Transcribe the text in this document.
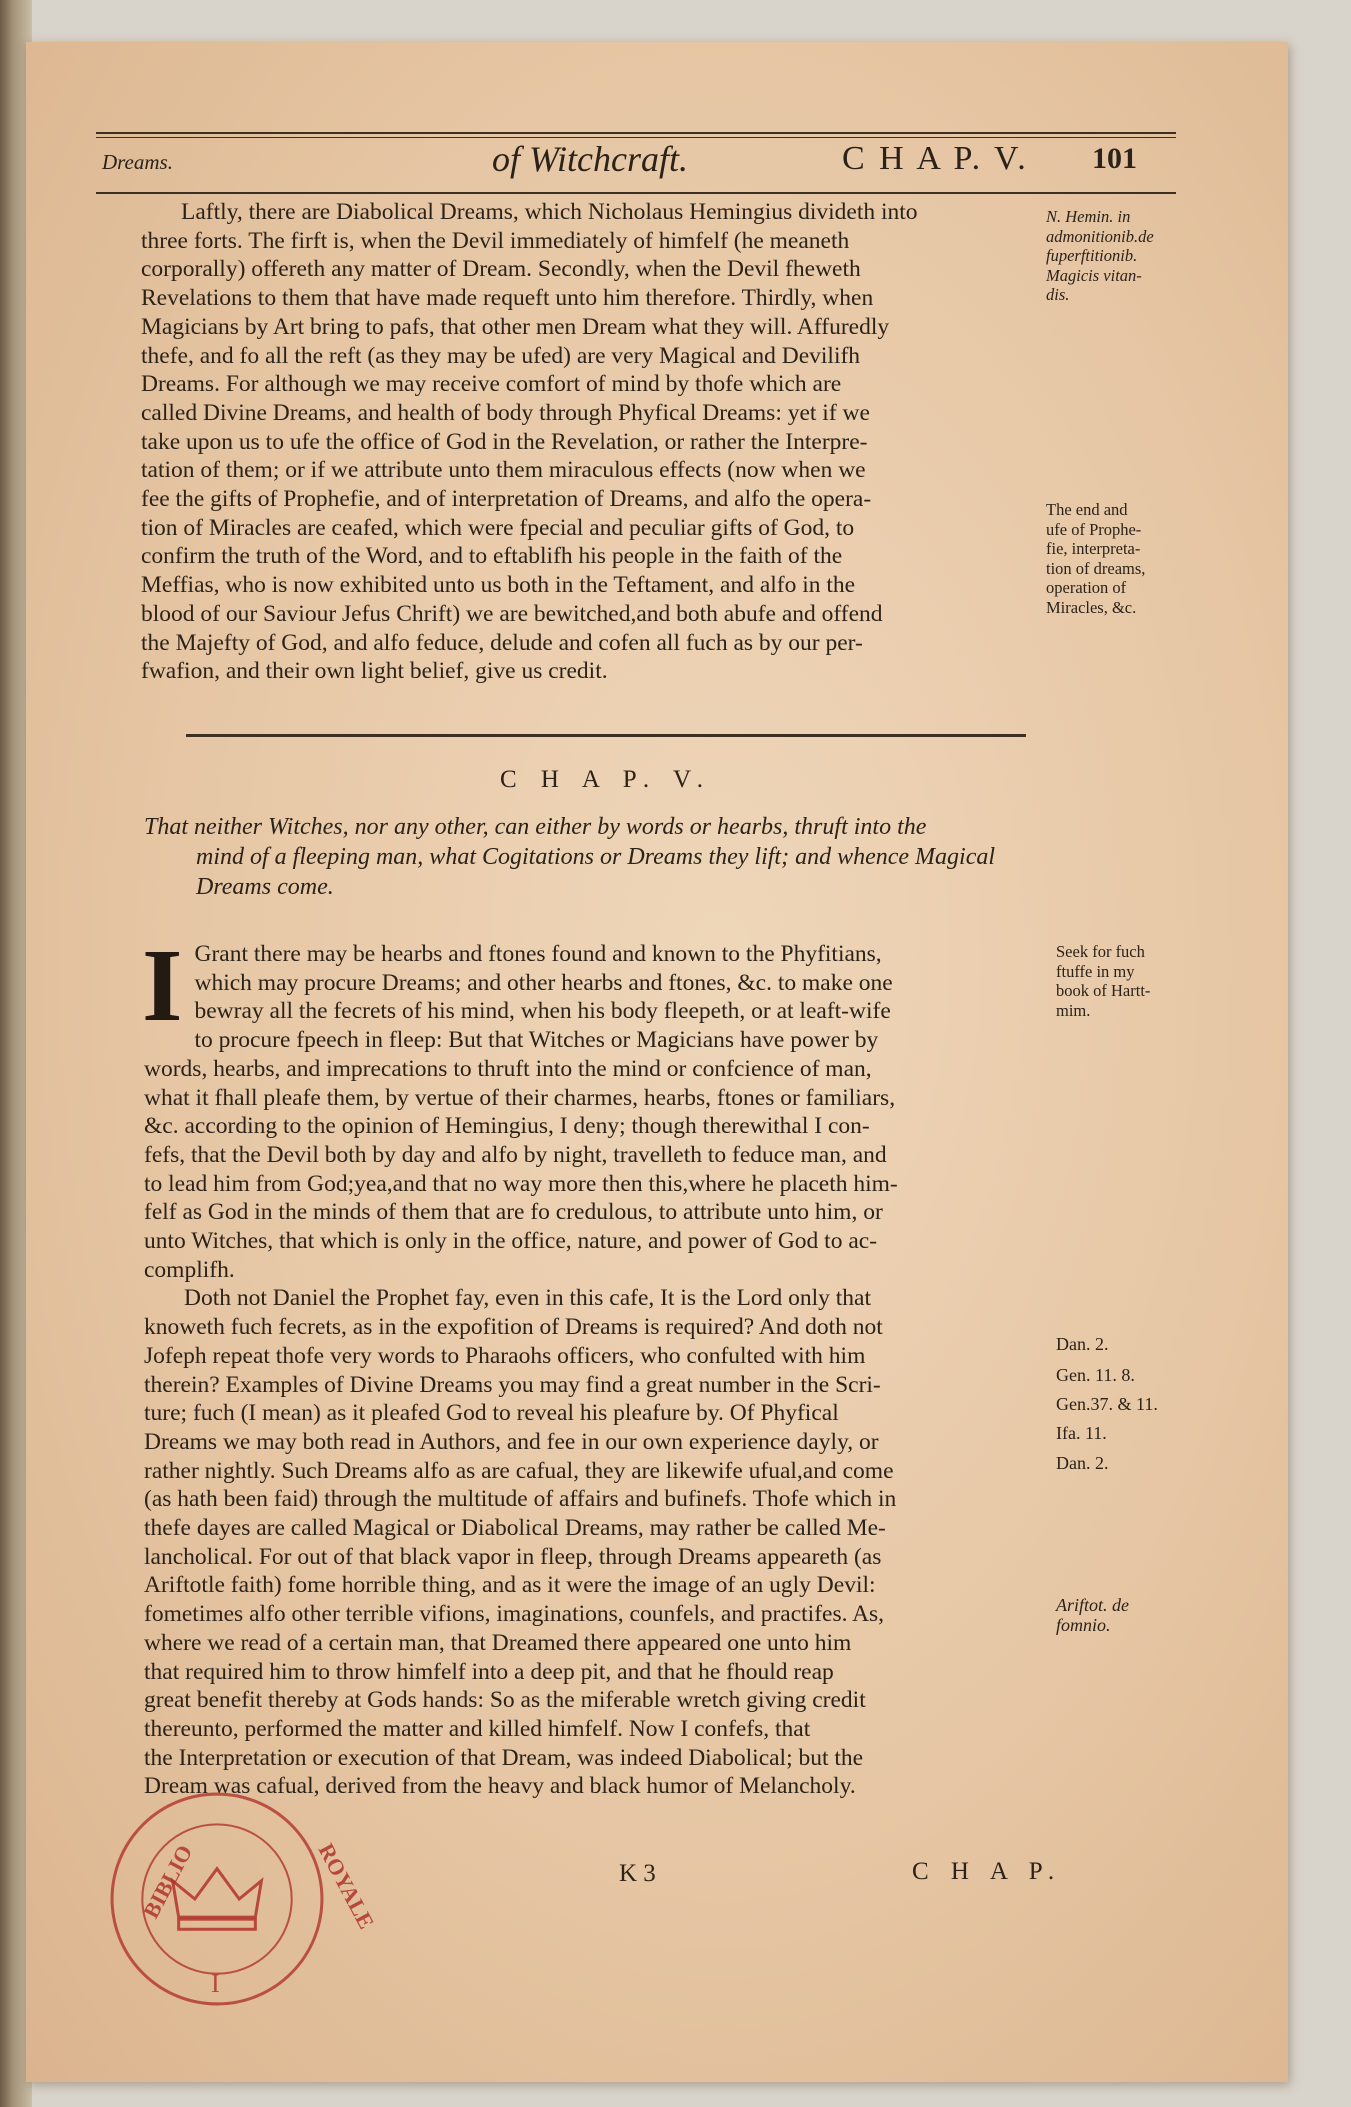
Dreams.	of Witchcraft.	C H A P. V. 101

Laftly, there are Diabolical Dreams, which Nicholaus Hemingius divideth into

three forts. The firft is, when the Devil immediately of himfelf (he meaneth

corporally) offereth any matter of Dream. Secondly, when the Devil fheweth

Revelations to them that have made requeft unto him therefore. Thirdly, when

Magicians by Art bring to pafs, that other men Dream what they will. Affuredly

thefe, and fo all the reft (as they may be ufed) are very Magical and Devilifh

Dreams. For although we may receive comfort of mind by thofe which are

called Divine Dreams, and health of body through Phyfical Dreams: yet if we

take upon us to ufe the office of God in the Revelation, or rather the Interpre-

tation of them; or if we attribute unto them miraculous effects (now when we

fee the gifts of Prophefie, and of interpretation of Dreams, and alfo the opera-

tion of Miracles are ceafed, which were fpecial and peculiar gifts of God, to

confirm the truth of the Word, and to eftablifh his people in the faith of the

Meffias, who is now exhibited unto us both in the Teftament, and alfo in the

blood of our Saviour Jefus Chrift) we are bewitched,and both abufe and offend

the Majefty of God, and alfo feduce, delude and cofen all fuch as by our per-

fwafion, and their own light belief, give us credit.

N. Hemin. in
admonitionib.de
fuperftitionib.
Magicis vitan-
dis.
The end and
ufe of Prophe-
fie, interpreta-
tion of dreams,
operation of
Miracles, &c.
C H A P. V.
That neither Witches, nor any other, can either by words or hearbs, thruft into the
mind of a fleeping man, what Cogitations or Dreams they lift; and whence Magical
Dreams come.
I Grant there may be hearbs and ftones found and known to the Phyfitians,

which may procure Dreams; and other hearbs and ftones, &c. to make one

bewray all the fecrets of his mind, when his body fleepeth, or at leaft-wife

to procure fpeech in fleep: But that Witches or Magicians have power by

words, hearbs, and imprecations to thruft into the mind or confcience of man,

what it fhall pleafe them, by vertue of their charmes, hearbs, ftones or familiars,

&c. according to the opinion of Hemingius, I deny; though therewithal I con-

fefs, that the Devil both by day and alfo by night, travelleth to feduce man, and

to lead him from God;yea,and that no way more then this,where he placeth him-

felf as God in the minds of them that are fo credulous, to attribute unto him, or

unto Witches, that which is only in the office, nature, and power of God to ac-

complifh.

Doth not Daniel the Prophet fay, even in this cafe, It is the Lord only that

knoweth fuch fecrets, as in the expofition of Dreams is required? And doth not

Jofeph repeat thofe very words to Pharaohs officers, who confulted with him

therein? Examples of Divine Dreams you may find a great number in the Scri-

ture; fuch (I mean) as it pleafed God to reveal his pleafure by. Of Phyfical

Dreams we may both read in Authors, and fee in our own experience dayly, or

rather nightly. Such Dreams alfo as are cafual, they are likewife ufual,and come

(as hath been faid) through the multitude of affairs and bufinefs. Thofe which in

thefe dayes are called Magical or Diabolical Dreams, may rather be called Me-

lancholical. For out of that black vapor in fleep, through Dreams appeareth (as

Ariftotle faith) fome horrible thing, and as it were the image of an ugly Devil:

fometimes alfo other terrible vifions, imaginations, counfels, and practifes. As,

where we read of a certain man, that Dreamed there appeared one unto him

that required him to throw himfelf into a deep pit, and that he fhould reap

great benefit thereby at Gods hands: So as the miferable wretch giving credit

thereunto, performed the matter and killed himfelf. Now I confefs, that

the Interpretation or execution of that Dream, was indeed Diabolical; but the

Dream was cafual, derived from the heavy and black humor of Melancholy.

Seek for fuch
ftuffe in my
book of Hartt-
mim.
Dan. 2.
Gen. 11. 8.
Gen.37. & 11.
Ifa. 11.
Dan. 2.
Ariftot. de
fomnio.
K 3	C H A P.
BIBLIO	ROYALE
I
